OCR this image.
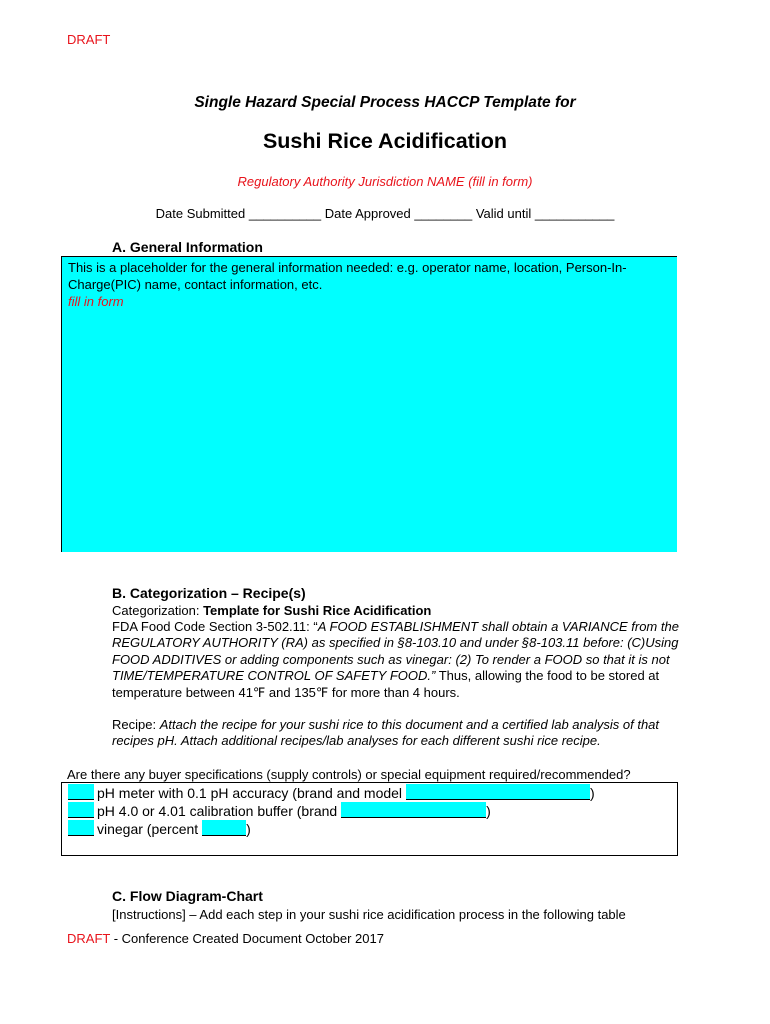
DRAFT
Single Hazard Special Process HACCP Template for
Sushi Rice Acidification
Regulatory Authority Jurisdiction NAME (fill in form)
Date Submitted __________ Date Approved ________ Valid until ___________
A. General Information
This is a placeholder for the general information needed: e.g. operator name, location, Person-In-Charge(PIC) name, contact information, etc.
fill in form
B. Categorization – Recipe(s)
Categorization: Template for Sushi Rice Acidification
FDA Food Code Section 3-502.11: “A FOOD ESTABLISHMENT shall obtain a VARIANCE from the REGULATORY AUTHORITY (RA) as specified in §8-103.10 and under §8-103.11 before: (C)Using FOOD ADDITIVES or adding components such as vinegar: (2) To render a FOOD so that it is not TIME/TEMPERATURE CONTROL OF SAFETY FOOD.” Thus, allowing the food to be stored at temperature between 41℉ and 135℉ for more than 4 hours.
Recipe: Attach the recipe for your sushi rice to this document and a certified lab analysis of that recipes pH. Attach additional recipes/lab analyses for each different sushi rice recipe.
Are there any buyer specifications (supply controls) or special equipment required/recommended?
pH meter with 0.1 pH accuracy (brand and model	)
pH 4.0 or 4.01 calibration buffer (brand	)
vinegar (percent	)
C. Flow Diagram-Chart
[Instructions] – Add each step in your sushi rice acidification process in the following table
DRAFT - Conference Created Document October 2017
